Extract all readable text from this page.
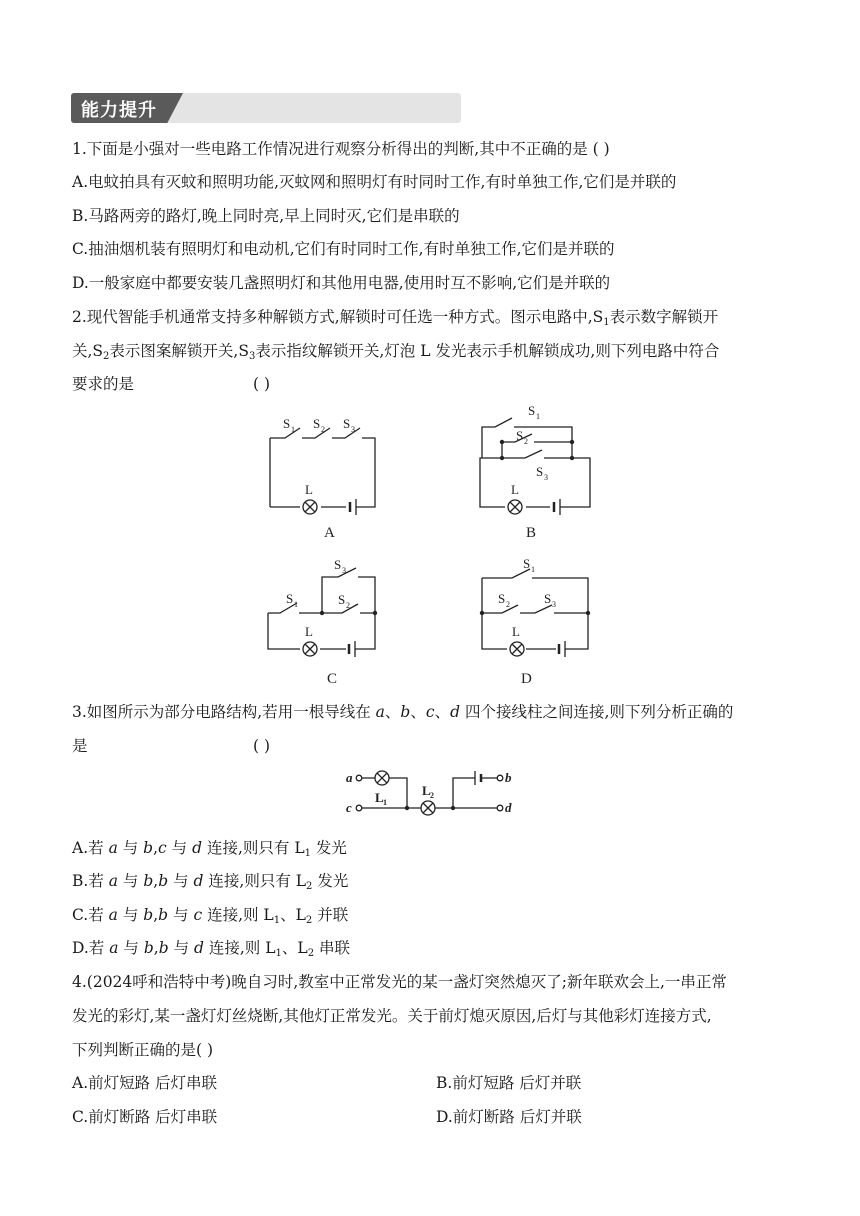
能力提升
1.下面是小强对一些电路工作情况进行观察分析得出的判断,其中不正确的是 ( )
A.电蚊拍具有灭蚊和照明功能,灭蚊网和照明灯有时同时工作,有时单独工作,它们是并联的
B.马路两旁的路灯,晚上同时亮,早上同时灭,它们是串联的
C.抽油烟机装有照明灯和电动机,它们有时同时工作,有时单独工作,它们是并联的
D.一般家庭中都要安装几盏照明灯和其他用电器,使用时互不影响,它们是并联的
2.现代智能手机通常支持多种解锁方式,解锁时可任选一种方式。图示电路中$,S_1$表示数字解锁开
关$,S_2$表示图案解锁开关$,S_3$表示指纹解锁开关,灯泡 L 发光表示手机解锁成功,则下列电路中符合
要求的是	( )
S 1 S 2 S 3
L
S 1
S 2
S 3
L
S 1
S 3
S 2
L
S 1
S 2	S 3
L
A	B
C	D
3.如图所示为部分电路结构,若用一根导线在 a、b、c、d 四个接线柱之间连接,则下列分析正确的
是	( )
a
c
b
d
L 1
L 2
A.若 a 与 b,c 与 d 连接,则只有 $L_1$ 发光
B.若 a 与 b,b 与 d 连接,则只有 $L_2$ 发光
C.若 a 与 b,b 与 c 连接,则 $L_1$、$L_2$ 并联
D.若 a 与 b,b 与 d 连接,则 $L_1$、$L_2$ 串联
4.(2024呼和浩特中考)晚自习时,教室中正常发光的某一盏灯突然熄灭了;新年联欢会上,一串正常
发光的彩灯,某一盏灯灯丝烧断,其他灯正常发光。关于前灯熄灭原因,后灯与其他彩灯连接方式,
下列判断正确的是( )
A.前灯短路 后灯串联	B.前灯短路 后灯并联
C.前灯断路 后灯串联	D.前灯断路 后灯并联
